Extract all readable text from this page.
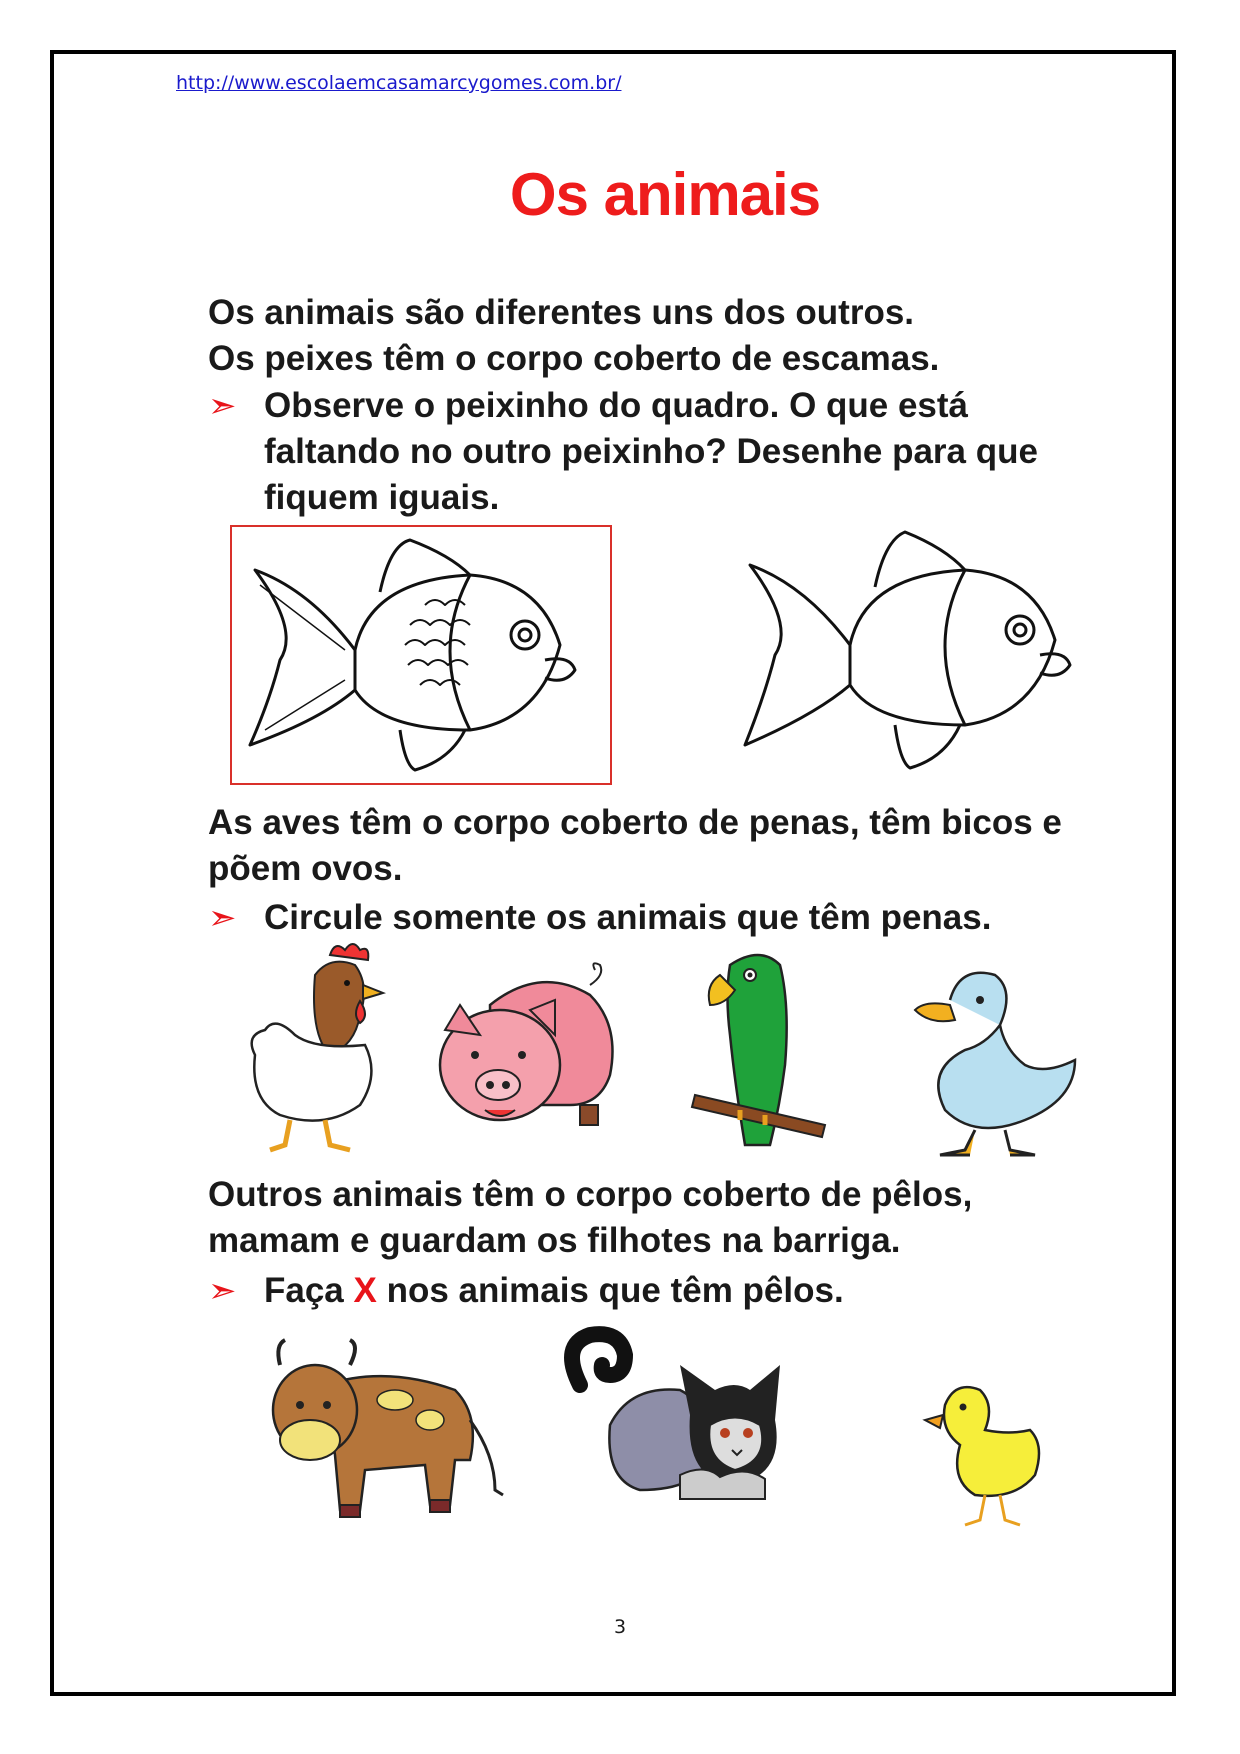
http://www.escolaemcasamarcygomes.com.br/
Os animais
Os animais são diferentes uns dos outros.
Os peixes têm o corpo coberto de escamas.
➣ Observe o peixinho do quadro. O que está
faltando no outro peixinho? Desenhe para que
fiquem iguais.
As aves têm o corpo coberto de penas, têm bicos e
põem ovos.
➣ Circule somente os animais que têm penas.
Outros animais têm o corpo coberto de pêlos,
mamam e guardam os filhotes na barriga.
➣ Faça X nos animais que têm pêlos.
3
